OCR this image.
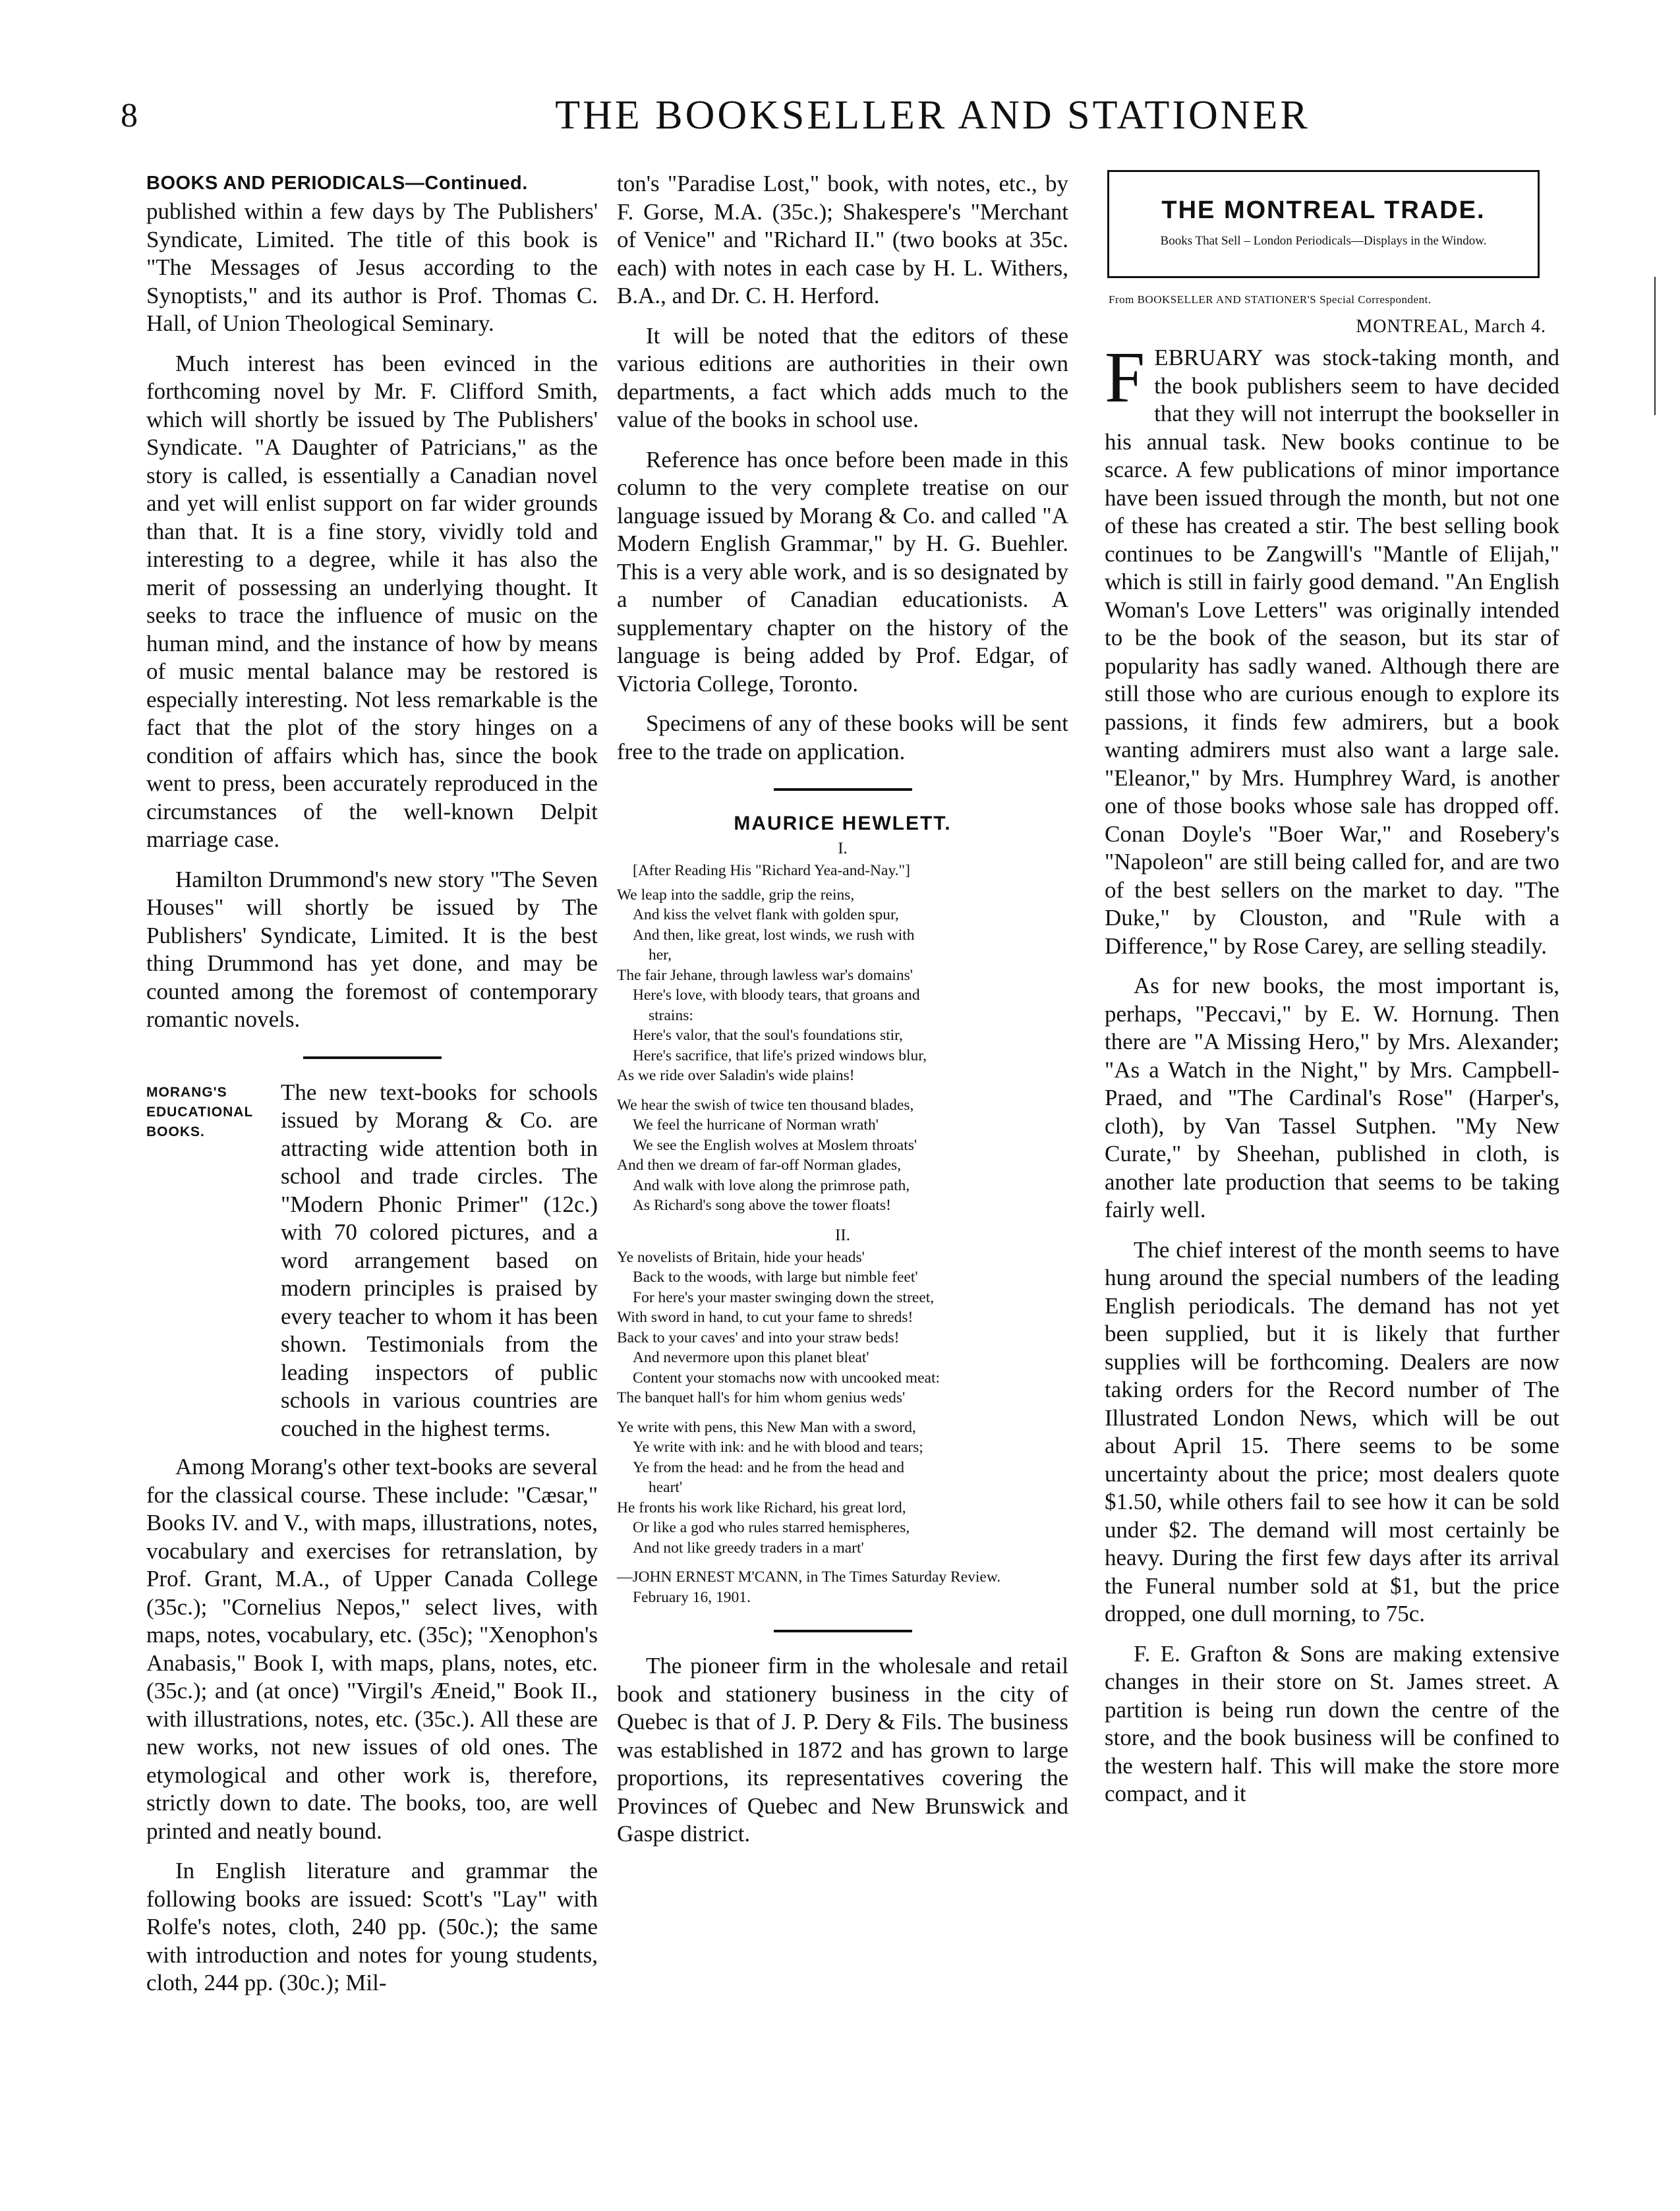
8	THE BOOKSELLER AND STATIONER
BOOKS AND PERIODICALS—Continued.

published within a few days by The Publishers' Syndicate, Limited. The title of this book is "The Messages of Jesus according to the Synoptists," and its author is Prof. Thomas C. Hall, of Union Theological Seminary.

Much interest has been evinced in the forthcoming novel by Mr. F. Clifford Smith, which will shortly be issued by The Publishers' Syndicate. "A Daughter of Patricians," as the story is called, is essentially a Canadian novel and yet will enlist support on far wider grounds than that. It is a fine story, vividly told and interesting to a degree, while it has also the merit of possessing an underlying thought. It seeks to trace the influence of music on the human mind, and the instance of how by means of music mental balance may be restored is especially interesting. Not less remarkable is the fact that the plot of the story hinges on a condition of affairs which has, since the book went to press, been accurately reproduced in the circumstances of the well-known Delpit marriage case.

Hamilton Drummond's new story "The Seven Houses" will shortly be issued by The Publishers' Syndicate, Limited. It is the best thing Drummond has yet done, and may be counted among the foremost of contemporary romantic novels.

MORANG'S
EDUCATIONAL
BOOKS.

The new text-books for schools issued by Morang & Co. are attracting wide attention both in school and trade circles. The "Modern Phonic Primer" (12c.) with 70 colored pictures, and a word arrangement based on modern principles is praised by every teacher to whom it has been shown. Testimonials from the leading inspectors of public schools in various countries are couched in the highest terms.

Among Morang's other text-books are several for the classical course. These include: "Cæsar," Books IV. and V., with maps, illustrations, notes, vocabulary and exercises for retranslation, by Prof. Grant, M.A., of Upper Canada College (35c.); "Cornelius Nepos," select lives, with maps, notes, vocabulary, etc. (35c); "Xenophon's Anabasis," Book I, with maps, plans, notes, etc. (35c.); and (at once) "Virgil's Æneid," Book II., with illustrations, notes, etc. (35c.). All these are new works, not new issues of old ones. The etymological and other work is, therefore, strictly down to date. The books, too, are well printed and neatly bound.

In English literature and grammar the following books are issued: Scott's "Lay" with Rolfe's notes, cloth, 240 pp. (50c.); the same with introduction and notes for young students, cloth, 244 pp. (30c.); Mil-

ton's "Paradise Lost," book, with notes, etc., by F. Gorse, M.A. (35c.); Shakespere's "Merchant of Venice" and "Richard II." (two books at 35c. each) with notes in each case by H. L. Withers, B.A., and Dr. C. H. Herford.

It will be noted that the editors of these various editions are authorities in their own departments, a fact which adds much to the value of the books in school use.

Reference has once before been made in this column to the very complete treatise on our language issued by Morang & Co. and called "A Modern English Grammar," by H. G. Buehler. This is a very able work, and is so designated by a number of Canadian educationists. A supplementary chapter on the history of the language is being added by Prof. Edgar, of Victoria College, Toronto.

Specimens of any of these books will be sent free to the trade on application.

MAURICE HEWLETT.
I.
[After Reading His "Richard Yea-and-Nay."]
We leap into the saddle, grip the reins,
And kiss the velvet flank with golden spur,
And then, like great, lost winds, we rush with
her,
The fair Jehane, through lawless war's domains'
Here's love, with bloody tears, that groans and
strains:
Here's valor, that the soul's foundations stir,
Here's sacrifice, that life's prized windows blur,
As we ride over Saladin's wide plains!
We hear the swish of twice ten thousand blades,
We feel the hurricane of Norman wrath'
We see the English wolves at Moslem throats'
And then we dream of far-off Norman glades,
And walk with love along the primrose path,
As Richard's song above the tower floats!
II.
Ye novelists of Britain, hide your heads'
Back to the woods, with large but nimble feet'
For here's your master swinging down the street,
With sword in hand, to cut your fame to shreds!
Back to your caves' and into your straw beds!
And nevermore upon this planet bleat'
Content your stomachs now with uncooked meat:
The banquet hall's for him whom genius weds'
Ye write with pens, this New Man with a sword,
Ye write with ink: and he with blood and tears;
Ye from the head: and he from the head and
heart'
He fronts his work like Richard, his great lord,
Or like a god who rules starred hemispheres,
And not like greedy traders in a mart'
—JOHN ERNEST M'CANN, in The Times Saturday Review.
February 16, 1901.

The pioneer firm in the wholesale and retail book and stationery business in the city of Quebec is that of J. P. Dery & Fils. The business was established in 1872 and has grown to large proportions, its representatives covering the Provinces of Quebec and New Brunswick and Gaspe district.

THE MONTREAL TRADE.
Books That Sell – London Periodicals—Displays in the Window.
From BOOKSELLER AND STATIONER'S Special Correspondent.
MONTREAL, March 4.

FEBRUARY was stock-taking month, and the book publishers seem to have decided that they will not interrupt the bookseller in his annual task. New books continue to be scarce. A few publications of minor importance have been issued through the month, but not one of these has created a stir. The best selling book continues to be Zangwill's "Mantle of Elijah," which is still in fairly good demand. "An English Woman's Love Letters" was originally intended to be the book of the season, but its star of popularity has sadly waned. Although there are still those who are curious enough to explore its passions, it finds few admirers, but a book wanting admirers must also want a large sale. "Eleanor," by Mrs. Humphrey Ward, is another one of those books whose sale has dropped off. Conan Doyle's "Boer War," and Rosebery's "Napoleon" are still being called for, and are two of the best sellers on the market to day. "The Duke," by Clouston, and "Rule with a Difference," by Rose Carey, are selling steadily.

As for new books, the most important is, perhaps, "Peccavi," by E. W. Hornung. Then there are "A Missing Hero," by Mrs. Alexander; "As a Watch in the Night," by Mrs. Campbell-Praed, and "The Cardinal's Rose" (Harper's, cloth), by Van Tassel Sutphen. "My New Curate," by Sheehan, published in cloth, is another late production that seems to be taking fairly well.

The chief interest of the month seems to have hung around the special numbers of the leading English periodicals. The demand has not yet been supplied, but it is likely that further supplies will be forthcoming. Dealers are now taking orders for the Record number of The Illustrated London News, which will be out about April 15. There seems to be some uncertainty about the price; most dealers quote $1.50, while others fail to see how it can be sold under $2. The demand will most certainly be heavy. During the first few days after its arrival the Funeral number sold at $1, but the price dropped, one dull morning, to 75c.

F. E. Grafton & Sons are making extensive changes in their store on St. James street. A partition is being run down the centre of the store, and the book business will be confined to the western half. This will make the store more compact, and it
